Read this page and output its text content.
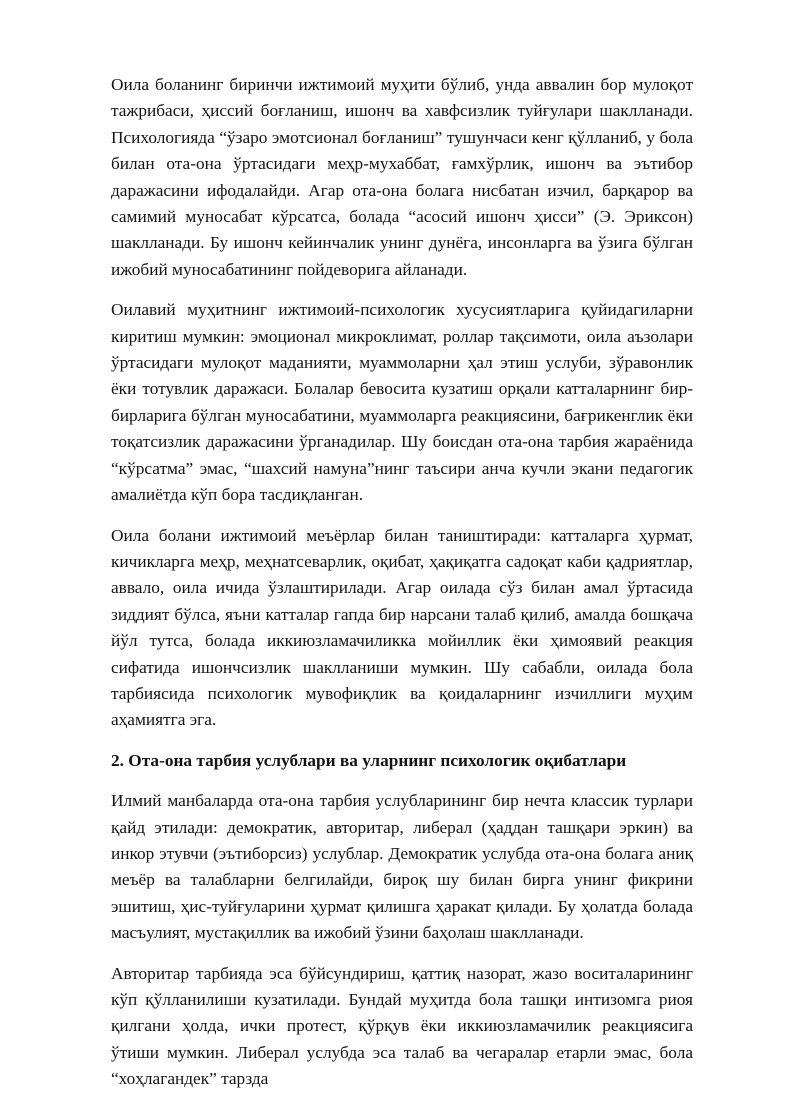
Оила боланинг биринчи ижтимоий муҳити бўлиб, унда аввалин бор мулоқот тажрибаси, ҳиссий боғланиш, ишонч ва хавфсизлик туйғулари шаклланади. Психологияда “ўзаро эмотсионал боғланиш” тушунчаси кенг қўлланиб, у бола билан ота-она ўртасидаги меҳр-мухаббат, ғамхўрлик, ишонч ва эътибор даражасини ифодалайди. Агар ота-она болага нисбатан изчил, барқарор ва самимий муносабат кўрсатса, болада “асосий ишонч ҳисси” (Э. Эриксон) шаклланади. Бу ишонч кейинчалик унинг дунёга, инсонларга ва ўзига бўлган ижобий муносабатининг пойдеворига айланади.

Оилавий муҳитнинг ижтимоий-психологик хусусиятларига қуйидагиларни киритиш мумкин: эмоционал микроклимат, роллар тақсимоти, оила аъзолари ўртасидаги мулоқот маданияти, муаммоларни ҳал этиш услуби, зўравонлик ёки тотувлик даражаси. Болалар бевосита кузатиш орқали катталарнинг бир-бирларига бўлган муносабатини, муаммоларга реакциясини, бағрикенглик ёки тоқатсизлик даражасини ўрганадилар. Шу боисдан ота-она тарбия жараёнида “кўрсатма” эмас, “шахсий намуна”нинг таъсири анча кучли экани педагогик амалиётда кўп бора тасдиқланган.

Оила болани ижтимоий меъёрлар билан таништиради: катталарга ҳурмат, кичикларга меҳр, меҳнатсеварлик, оқибат, ҳақиқатга садоқат каби қадриятлар, аввало, оила ичида ўзлаштирилади. Агар оилада сўз билан амал ўртасида зиддият бўлса, яъни катталар гапда бир нарсани талаб қилиб, амалда бошқача йўл тутса, болада иккиюзламачиликка мойиллик ёки ҳимоявий реакция сифатида ишончсизлик шаклланиши мумкин. Шу сабабли, оилада бола тарбиясида психологик мувофиқлик ва қоидаларнинг изчиллиги муҳим аҳамиятга эга.

2. Ота-она тарбия услублари ва уларнинг психологик оқибатлари

Илмий манбаларда ота-она тарбия услубларининг бир нечта классик турлари қайд этилади: демократик, авторитар, либерал (ҳаддан ташқари эркин) ва инкор этувчи (эътиборсиз) услублар. Демократик услубда ота-она болага аниқ меъёр ва талабларни белгилайди, бироқ шу билан бирга унинг фикрини эшитиш, ҳис-туйғуларини ҳурмат қилишга ҳаракат қилади. Бу ҳолатда болада масъулият, мустақиллик ва ижобий ўзини баҳолаш шаклланади.

Авторитар тарбияда эса бўйсундириш, қаттиқ назорат, жазо воситаларининг кўп қўлланилиши кузатилади. Бундай муҳитда бола ташқи интизомга риоя қилгани ҳолда, ички протест, қўрқув ёки иккиюзламачилик реакциясига ўтиши мумкин. Либерал услубда эса талаб ва чегаралар етарли эмас, бола “хоҳлагандек” тарзда
